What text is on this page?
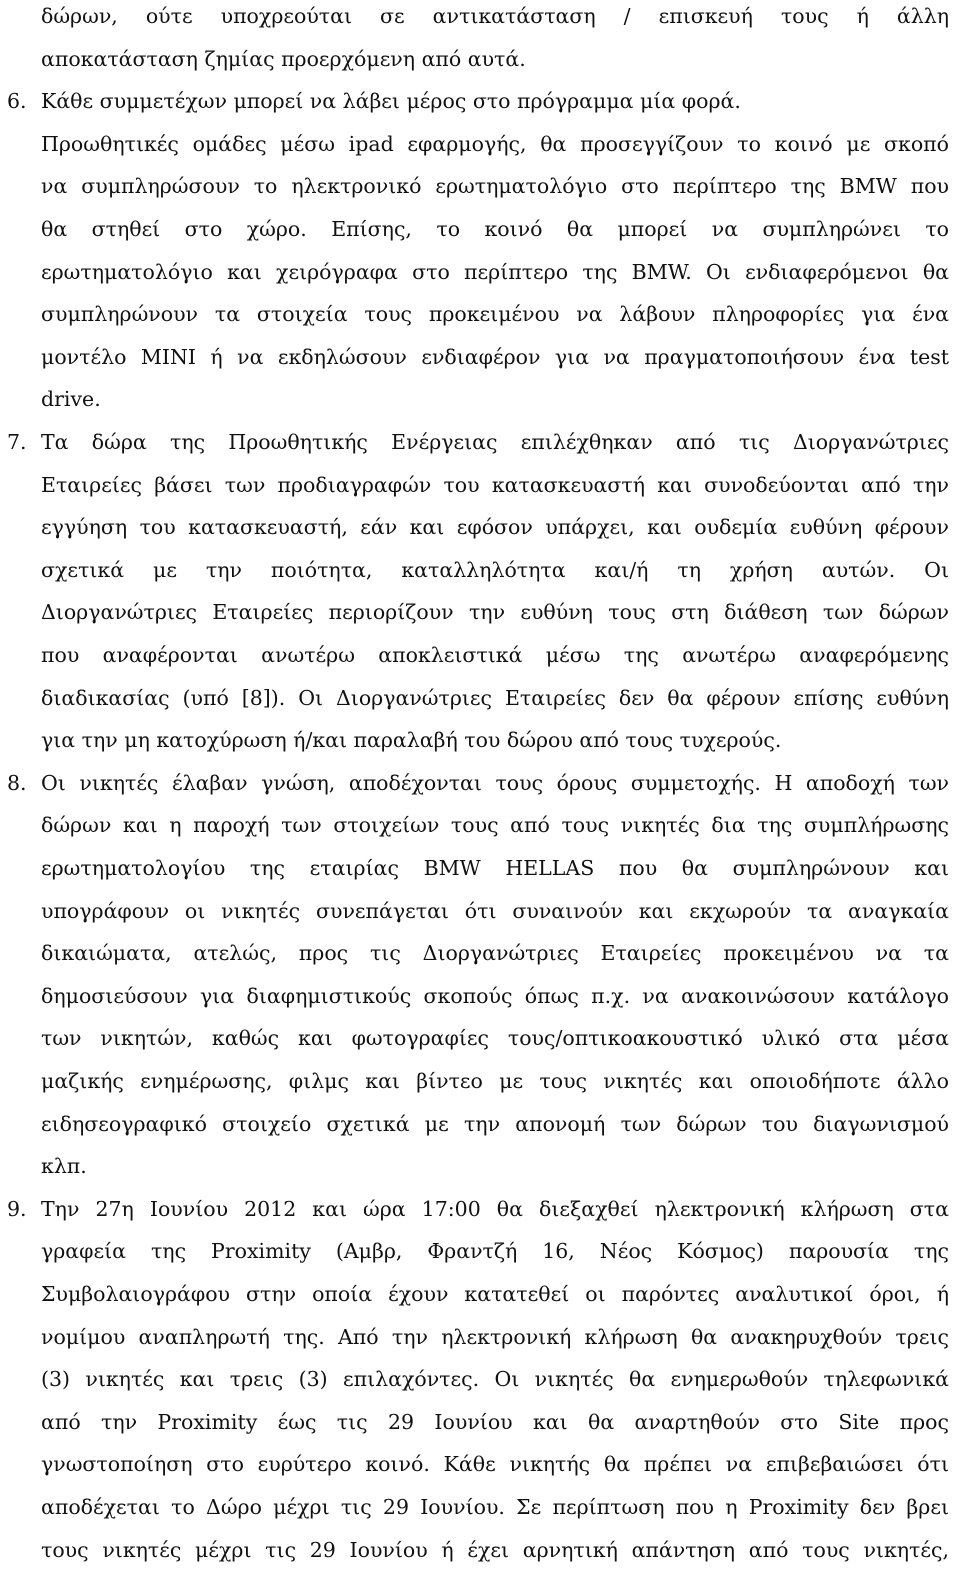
δώρων, ούτε υποχρεούται σε αντικατάσταση / επισκευή τους ή άλλη
αποκατάσταση ζημίας προερχόμενη από αυτά.
6. Κάθε συμμετέχων μπορεί να λάβει μέρος στο πρόγραμμα μία φορά.
Προωθητικές ομάδες μέσω ipad εφαρμογής, θα προσεγγίζουν το κοινό με σκοπό
να συμπληρώσουν το ηλεκτρονικό ερωτηματολόγιο στο περίπτερο της BMW που
θα στηθεί στο χώρο. Επίσης, το κοινό θα μπορεί να συμπληρώνει το
ερωτηματολόγιο και χειρόγραφα στο περίπτερο της BMW. Οι ενδιαφερόμενοι θα
συμπληρώνουν τα στοιχεία τους προκειμένου να λάβουν πληροφορίες για ένα
μοντέλο MINI ή να εκδηλώσουν ενδιαφέρον για να πραγματοποιήσουν ένα test
drive.
7. Τα δώρα της Προωθητικής Ενέργειας επιλέχθηκαν από τις Διοργανώτριες
Εταιρείες βάσει των προδιαγραφών του κατασκευαστή και συνοδεύονται από την
εγγύηση του κατασκευαστή, εάν και εφόσον υπάρχει, και ουδεμία ευθύνη φέρουν
σχετικά με την ποιότητα, καταλληλότητα και/ή τη χρήση αυτών. Οι
Διοργανώτριες Εταιρείες περιορίζουν την ευθύνη τους στη διάθεση των δώρων
που αναφέρονται ανωτέρω αποκλειστικά μέσω της ανωτέρω αναφερόμενης
διαδικασίας (υπό [8]). Οι Διοργανώτριες Εταιρείες δεν θα φέρουν επίσης ευθύνη
για την μη κατοχύρωση ή/και παραλαβή του δώρου από τους τυχερούς.
8. Οι νικητές έλαβαν γνώση, αποδέχονται τους όρους συμμετοχής. Η αποδοχή των
δώρων και η παροχή των στοιχείων τους από τους νικητές δια της συμπλήρωσης
ερωτηματολογίου της εταιρίας BMW HELLAS που θα συμπληρώνουν και
υπογράφουν οι νικητές συνεπάγεται ότι συναινούν και εκχωρούν τα αναγκαία
δικαιώματα, ατελώς, προς τις Διοργανώτριες Εταιρείες προκειμένου να τα
δημοσιεύσουν για διαφημιστικούς σκοπούς όπως π.χ. να ανακοινώσουν κατάλογο
των νικητών, καθώς και φωτογραφίες τους/οπτικοακουστικό υλικό στα μέσα
μαζικής ενημέρωσης, φιλμς και βίντεο με τους νικητές και οποιοδήποτε άλλο
ειδησεογραφικό στοιχείο σχετικά με την απονομή των δώρων του διαγωνισμού
κλπ.
9. Την 27η Ιουνίου 2012 και ώρα 17:00 θα διεξαχθεί ηλεκτρονική κλήρωση στα
γραφεία της Proximity (Αμβρ, Φραντζή 16, Νέος Κόσμος) παρουσία της
Συμβολαιογράφου στην οποία έχουν κατατεθεί οι παρόντες αναλυτικοί όροι, ή
νομίμου αναπληρωτή της. Από την ηλεκτρονική κλήρωση θα ανακηρυχθούν τρεις
(3) νικητές και τρεις (3) επιλαχόντες. Οι νικητές θα ενημερωθούν τηλεφωνικά
από την Proximity έως τις 29 Ιουνίου και θα αναρτηθούν στο Site προς
γνωστοποίηση στο ευρύτερο κοινό. Κάθε νικητής θα πρέπει να επιβεβαιώσει ότι
αποδέχεται το Δώρο μέχρι τις 29 Ιουνίου. Σε περίπτωση που η Proximity δεν βρει
τους νικητές μέχρι τις 29 Ιουνίου ή έχει αρνητική απάντηση από τους νικητές,
